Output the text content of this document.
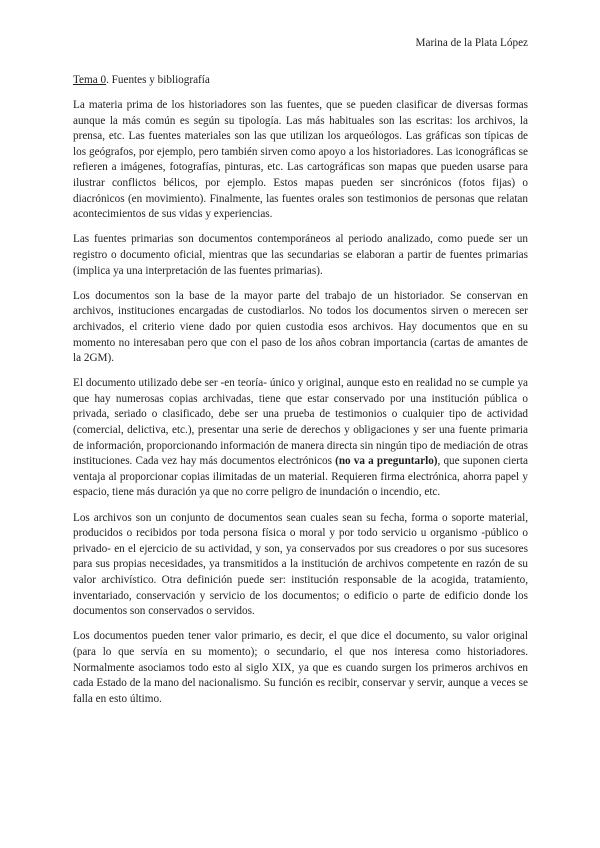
Marina de la Plata López
Tema 0. Fuentes y bibliografía

La materia prima de los historiadores son las fuentes, que se pueden clasificar de diversas formas aunque la más común es según su tipología. Las más habituales son las escritas: los archivos, la prensa, etc. Las fuentes materiales son las que utilizan los arqueólogos. Las gráficas son típicas de los geógrafos, por ejemplo, pero también sirven como apoyo a los historiadores. Las iconográficas se refieren a imágenes, fotografías, pinturas, etc. Las cartográficas son mapas que pueden usarse para ilustrar conflictos bélicos, por ejemplo. Estos mapas pueden ser sincrónicos (fotos fijas) o diacrónicos (en movimiento). Finalmente, las fuentes orales son testimonios de personas que relatan acontecimientos de sus vidas y experiencias.

Las fuentes primarias son documentos contemporáneos al periodo analizado, como puede ser un registro o documento oficial, mientras que las secundarias se elaboran a partir de fuentes primarias (implica ya una interpretación de las fuentes primarias).

Los documentos son la base de la mayor parte del trabajo de un historiador. Se conservan en archivos, instituciones encargadas de custodiarlos. No todos los documentos sirven o merecen ser archivados, el criterio viene dado por quien custodia esos archivos. Hay documentos que en su momento no interesaban pero que con el paso de los años cobran importancia (cartas de amantes de la 2GM).

El documento utilizado debe ser -en teoría- único y original, aunque esto en realidad no se cumple ya que hay numerosas copias archivadas, tiene que estar conservado por una institución pública o privada, seriado o clasificado, debe ser una prueba de testimonios o cualquier tipo de actividad (comercial, delictiva, etc.), presentar una serie de derechos y obligaciones y ser una fuente primaria de información, proporcionando información de manera directa sin ningún tipo de mediación de otras instituciones. Cada vez hay más documentos electrónicos (no va a preguntarlo), que suponen cierta ventaja al proporcionar copias ilimitadas de un material. Requieren firma electrónica, ahorra papel y espacio, tiene más duración ya que no corre peligro de inundación o incendio, etc.

Los archivos son un conjunto de documentos sean cuales sean su fecha, forma o soporte material, producidos o recibidos por toda persona física o moral y por todo servicio u organismo -público o privado- en el ejercicio de su actividad, y son, ya conservados por sus creadores o por sus sucesores para sus propias necesidades, ya transmitidos a la institución de archivos competente en razón de su valor archivístico. Otra definición puede ser: institución responsable de la acogida, tratamiento, inventariado, conservación y servicio de los documentos; o edificio o parte de edificio donde los documentos son conservados o servidos.

Los documentos pueden tener valor primario, es decir, el que dice el documento, su valor original (para lo que servía en su momento); o secundario, el que nos interesa como historiadores. Normalmente asociamos todo esto al siglo XIX, ya que es cuando surgen los primeros archivos en cada Estado de la mano del nacionalismo. Su función es recibir, conservar y servir, aunque a veces se falla en esto último.
